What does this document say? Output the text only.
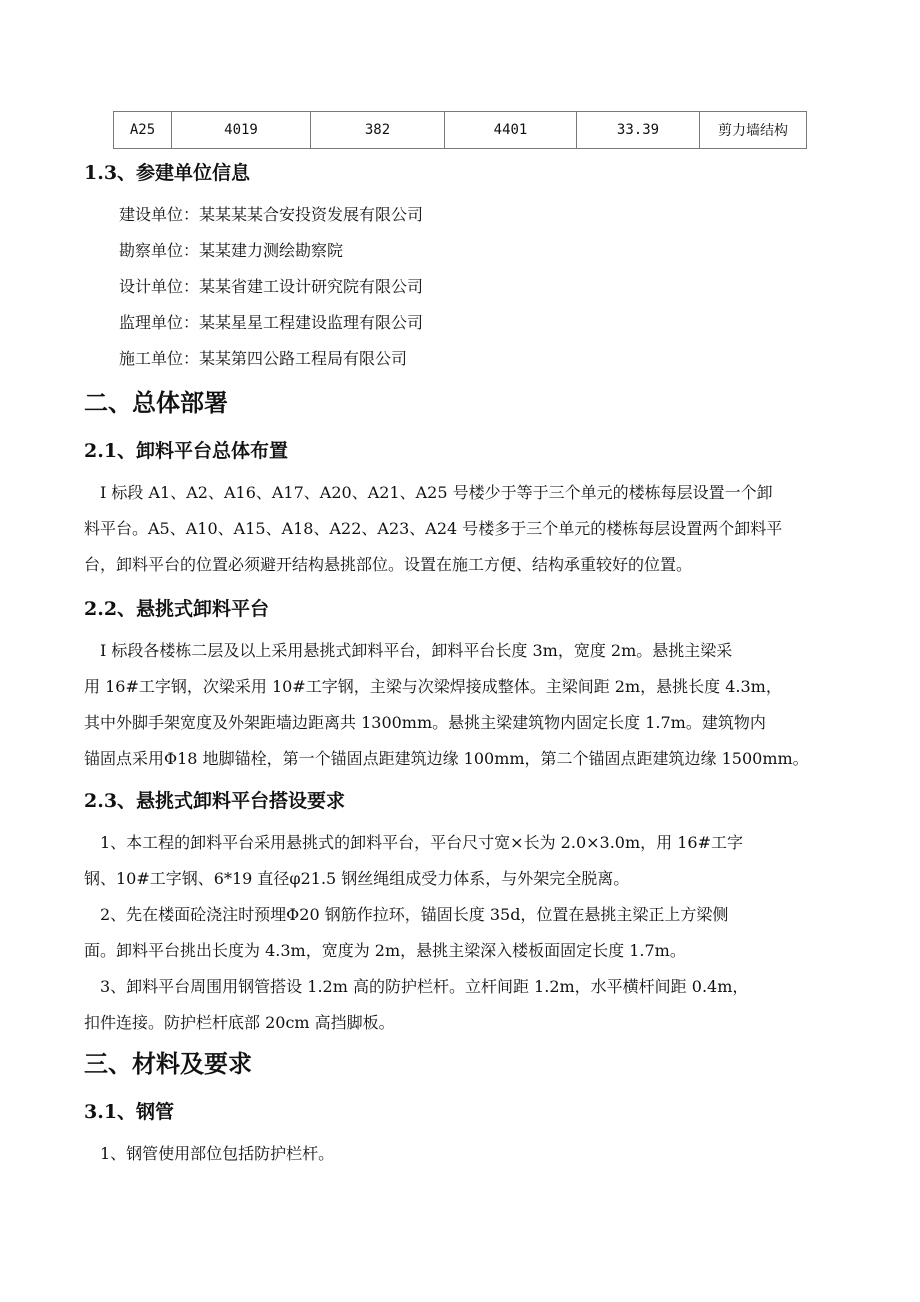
A25	4019	382	4401	33.39	剪力墙结构
1.3、参建单位信息
建设单位：某某某某合安投资发展有限公司
勘察单位：某某建力测绘勘察院
设计单位：某某省建工设计研究院有限公司
监理单位：某某星星工程建设监理有限公司
施工单位：某某第四公路工程局有限公司
二、总体部署
2.1、卸料平台总体布置
　I 标段 A1、A2、A16、A17、A20、A21、A25 号楼少于等于三个单元的楼栋每层设置一个卸
料平台。A5、A10、A15、A18、A22、A23、A24 号楼多于三个单元的楼栋每层设置两个卸料平
台，卸料平台的位置必须避开结构悬挑部位。设置在施工方便、结构承重较好的位置。
2.2、悬挑式卸料平台
　I 标段各楼栋二层及以上采用悬挑式卸料平台，卸料平台长度 3m，宽度 2m。悬挑主梁采
用 16#工字钢，次梁采用 10#工字钢，主梁与次梁焊接成整体。主梁间距 2m，悬挑长度 4.3m，
其中外脚手架宽度及外架距墙边距离共 1300mm。悬挑主梁建筑物内固定长度 1.7m。建筑物内
锚固点采用Φ18 地脚锚栓，第一个锚固点距建筑边缘 100mm，第二个锚固点距建筑边缘 1500mm。
2.3、悬挑式卸料平台搭设要求
　1、本工程的卸料平台采用悬挑式的卸料平台，平台尺寸宽×长为 2.0×3.0m，用 16#工字
钢、10#工字钢、6*19 直径φ21.5 钢丝绳组成受力体系，与外架完全脱离。
　2、先在楼面砼浇注时预埋Φ20 钢筋作拉环，锚固长度 35d，位置在悬挑主梁正上方梁侧
面。卸料平台挑出长度为 4.3m，宽度为 2m，悬挑主梁深入楼板面固定长度 1.7m。
　3、卸料平台周围用钢管搭设 1.2m 高的防护栏杆。立杆间距 1.2m，水平横杆间距 0.4m，
扣件连接。防护栏杆底部 20cm 高挡脚板。
三、材料及要求
3.1、钢管
　1、钢管使用部位包括防护栏杆。
